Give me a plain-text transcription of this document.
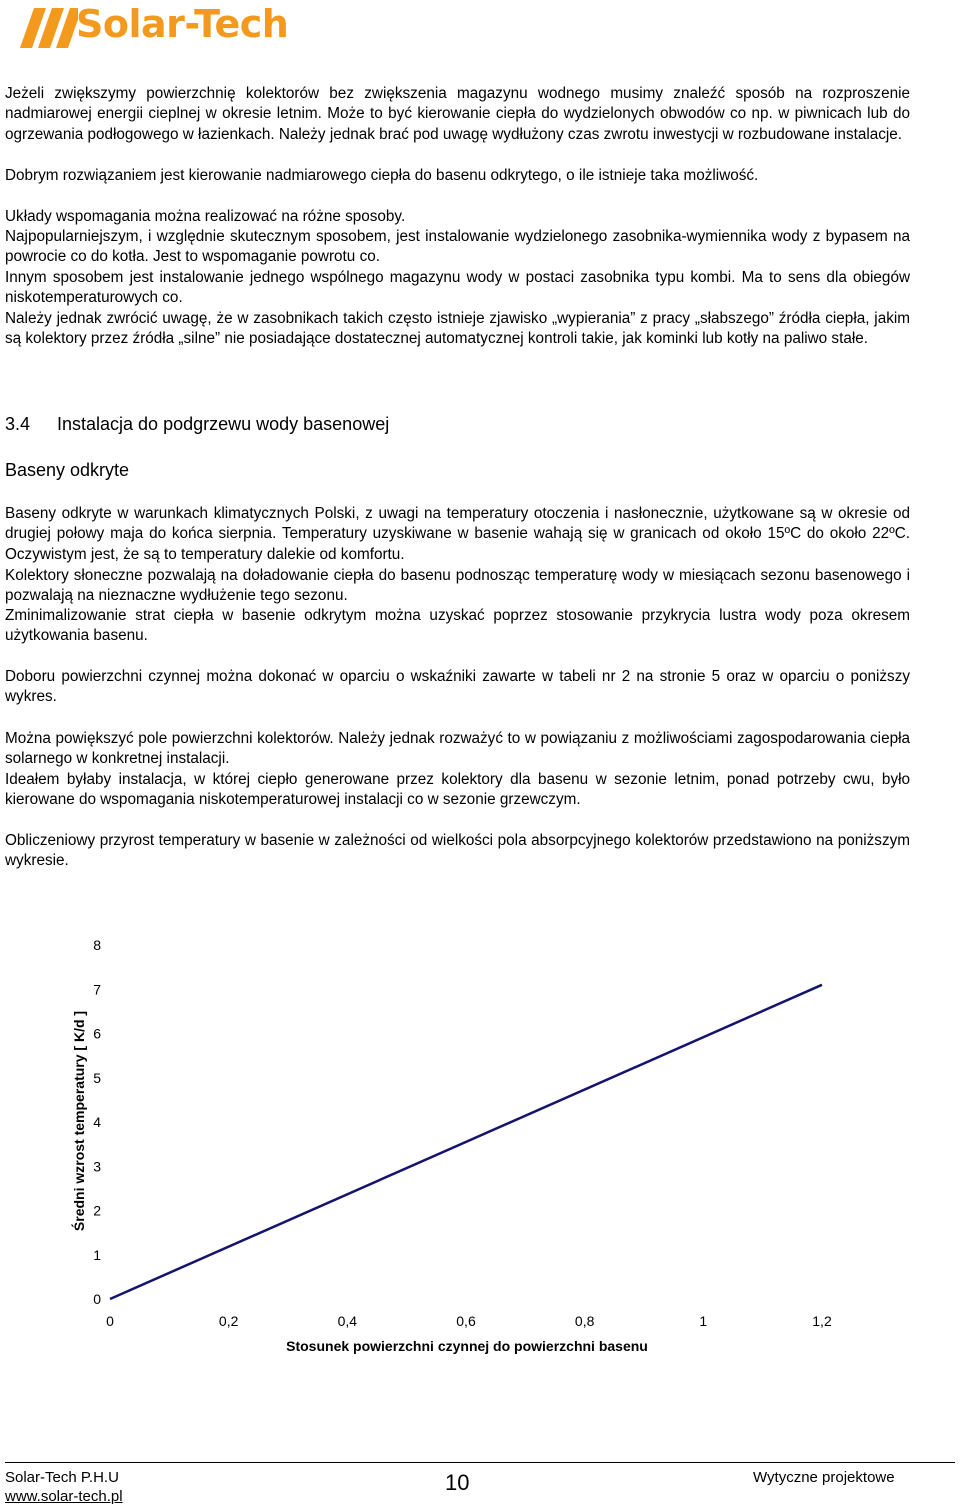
Solar-Tech

Jeżeli zwiększymy powierzchnię kolektorów bez zwiększenia magazynu wodnego musimy znaleźć sposób na rozproszenie nadmiarowej energii cieplnej w okresie letnim. Może to być kierowanie ciepła do wydzielonych obwodów co np. w piwnicach lub do ogrzewania podłogowego w łazienkach. Należy jednak brać pod uwagę wydłużony czas zwrotu inwestycji w rozbudowane instalacje.

Dobrym rozwiązaniem jest kierowanie nadmiarowego ciepła do basenu odkrytego, o ile istnieje taka możliwość.

Układy wspomagania można realizować na różne sposoby.

Najpopularniejszym, i względnie skutecznym sposobem, jest instalowanie wydzielonego zasobnika-wymiennika wody z bypasem na powrocie co do kotła. Jest to wspomaganie powrotu co.

Innym sposobem jest instalowanie jednego wspólnego magazynu wody w postaci zasobnika typu kombi. Ma to sens dla obiegów niskotemperaturowych co.

Należy jednak zwrócić uwagę, że w zasobnikach takich często istnieje zjawisko „wypierania” z pracy „słabszego” źródła ciepła, jakim są kolektory przez źródła „silne” nie posiadające dostatecznej automatycznej kontroli takie, jak kominki lub kotły na paliwo stałe.

3.4 Instalacja do podgrzewu wody basenowej
Baseny odkryte

Baseny odkryte w warunkach klimatycznych Polski, z uwagi na temperatury otoczenia i nasłonecznie, użytkowane są w okresie od drugiej połowy maja do końca sierpnia. Temperatury uzyskiwane w basenie wahają się w granicach od około 15ºC do około 22ºC. Oczywistym jest, że są to temperatury dalekie od komfortu.

Kolektory słoneczne pozwalają na doładowanie ciepła do basenu podnosząc temperaturę wody w miesiącach sezonu basenowego i pozwalają na nieznaczne wydłużenie tego sezonu.

Zminimalizowanie strat ciepła w basenie odkrytym można uzyskać poprzez stosowanie przykrycia lustra wody poza okresem użytkowania basenu.

Doboru powierzchni czynnej można dokonać w oparciu o wskaźniki zawarte w tabeli nr 2 na stronie 5 oraz w oparciu o poniższy wykres.

Można powiększyć pole powierzchni kolektorów. Należy jednak rozważyć to w powiązaniu z możliwościami zagospodarowania ciepła solarnego w konkretnej instalacji.

Ideałem byłaby instalacja, w której ciepło generowane przez kolektory dla basenu w sezonie letnim, ponad potrzeby cwu, było kierowane do wspomagania niskotemperaturowej instalacji co w sezonie grzewczym.

Obliczeniowy przyrost temperatury w basenie w zależności od wielkości pola absorpcyjnego kolektorów przedstawiono na poniższym wykresie.

0
1
2
3
4
5
6
7
8
0	0,2	0,4	0,6	0,8	1	1,2
Średni wzrost temperatury [ K/d ]
Stosunek powierzchni czynnej do powierzchni basenu
Solar-Tech P.H.U
www.solar-tech.pl
10	Wytyczne projektowe
